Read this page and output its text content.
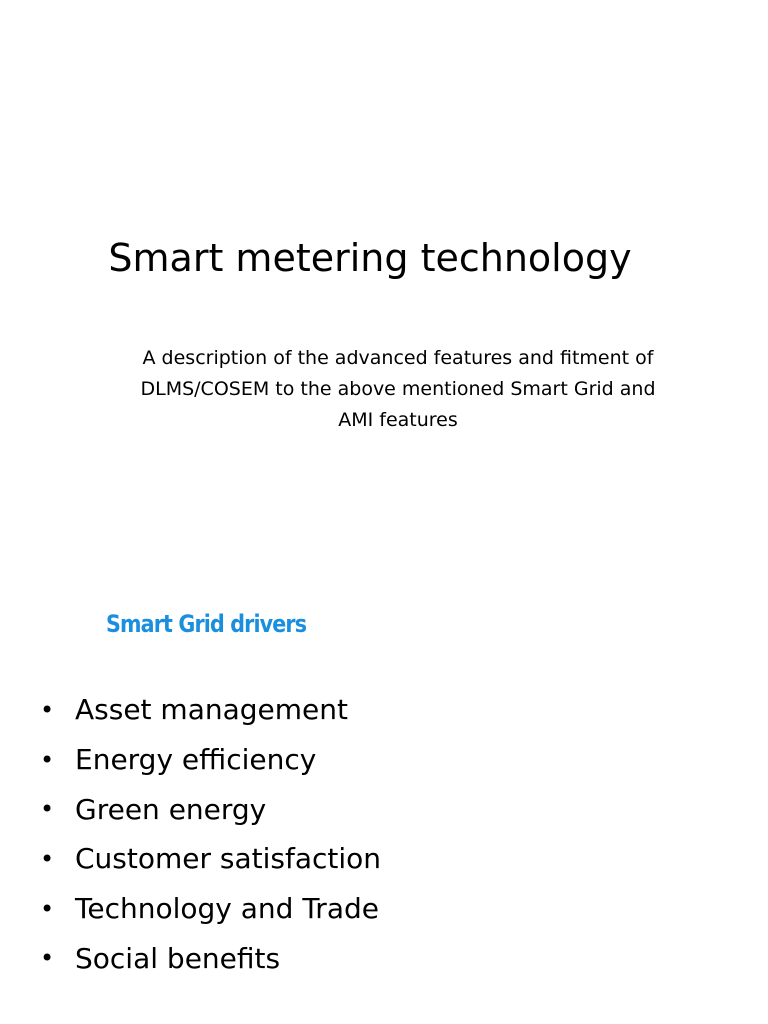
Smart metering technology

A description of the advanced features and fitment of
DLMS/COSEM to the above mentioned Smart Grid and
AMI features

Smart Grid drivers
• Asset management
• Energy efficiency
• Green energy
• Customer satisfaction
• Technology and Trade
• Social benefits
